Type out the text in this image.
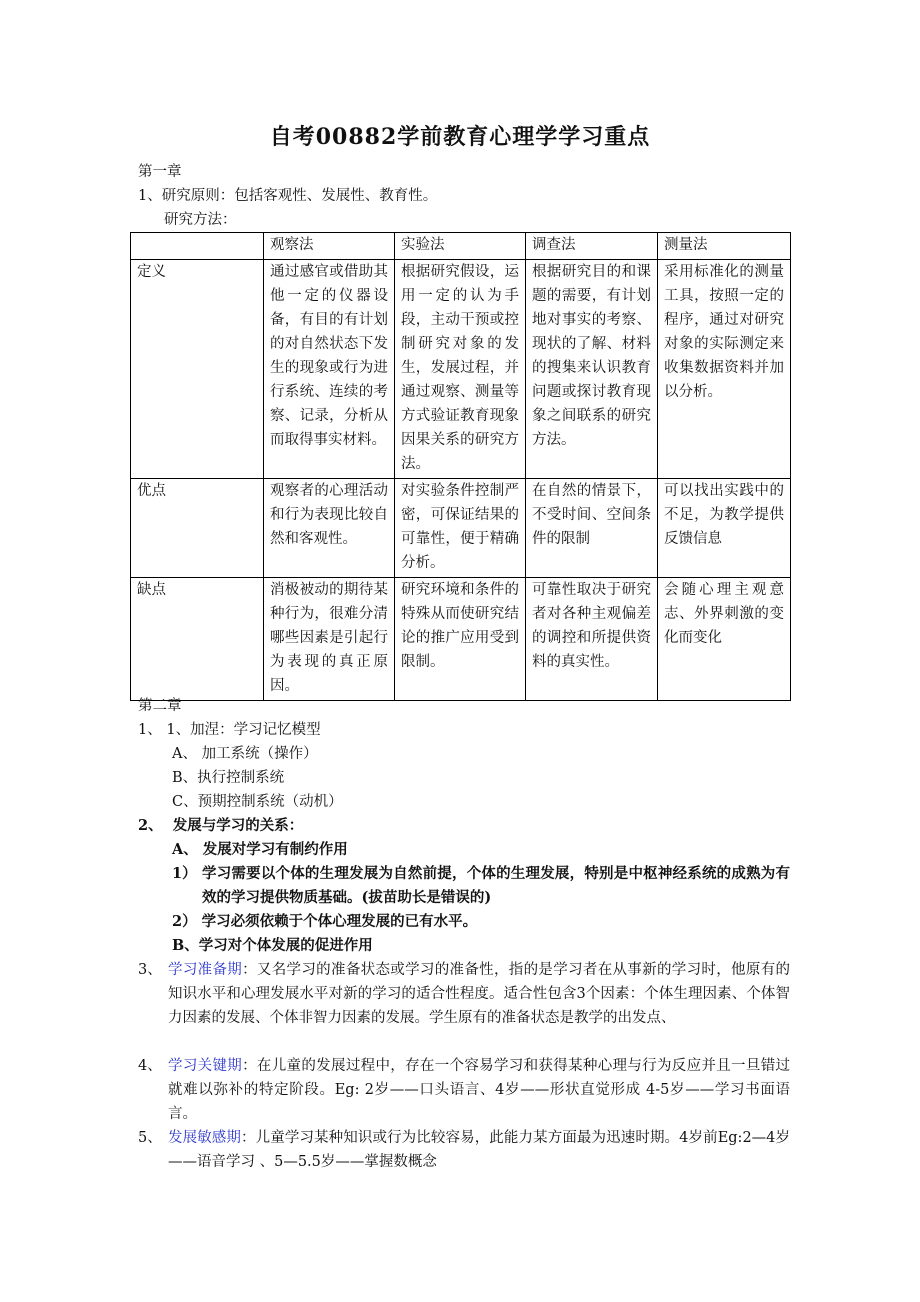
自考00882学前教育心理学学习重点
第一章
1、研究原则：包括客观性、发展性、教育性。
研究方法：
	观察法	实验法	调查法	测量法
定义	通过感官或借助其他一定的仪器设备，有目的有计划的对自然状态下发生的现象或行为进行系统、连续的考察、记录，分析从而取得事实材料。	根据研究假设，运用一定的认为手段，主动干预或控制研究对象的发生，发展过程，并通过观察、测量等方式验证教育现象因果关系的研究方法。	根据研究目的和课题的需要，有计划地对事实的考察、现状的了解、材料的搜集来认识教育问题或探讨教育现象之间联系的研究方法。	采用标准化的测量工具，按照一定的程序，通过对研究对象的实际测定来收集数据资料并加以分析。
优点	观察者的心理活动和行为表现比较自然和客观性。	对实验条件控制严密，可保证结果的可靠性，便于精确分析。	在自然的情景下，不受时间、空间条件的限制	可以找出实践中的不足，为教学提供反馈信息
缺点	消极被动的期待某种行为，很难分清哪些因素是引起行为表现的真正原因。	研究环境和条件的特殊从而使研究结论的推广应用受到限制。	可靠性取决于研究者对各种主观偏差的调控和所提供资料的真实性。	会随心理主观意志、外界刺激的变化而变化
第二章
1、 1、加涅：学习记忆模型
A、 加工系统（操作）
B、执行控制系统
C、预期控制系统（动机）
2、 发展与学习的关系：
A、 发展对学习有制约作用
1） 学习需要以个体的生理发展为自然前提，个体的生理发展，特别是中枢神经系统的成熟为有效的学习提供物质基础。(拔苗助长是错误的)
2） 学习必须依赖于个体心理发展的已有水平。
B、学习对个体发展的促进作用
3、 学习准备期：又名学习的准备状态或学习的准备性，指的是学习者在从事新的学习时，他原有的知识水平和心理发展水平对新的学习的适合性程度。适合性包含3个因素：个体生理因素、个体智力因素的发展、个体非智力因素的发展。学生原有的准备状态是教学的出发点、
4、 学习关键期：在儿童的发展过程中，存在一个容易学习和获得某种心理与行为反应并且一旦错过就难以弥补的特定阶段。Eg: 2岁——口头语言、4岁——形状直觉形成 4-5岁——学习书面语言。
5、 发展敏感期：儿童学习某种知识或行为比较容易，此能力某方面最为迅速时期。4岁前Eg:2—4岁——语音学习 、5—5.5岁——掌握数概念
